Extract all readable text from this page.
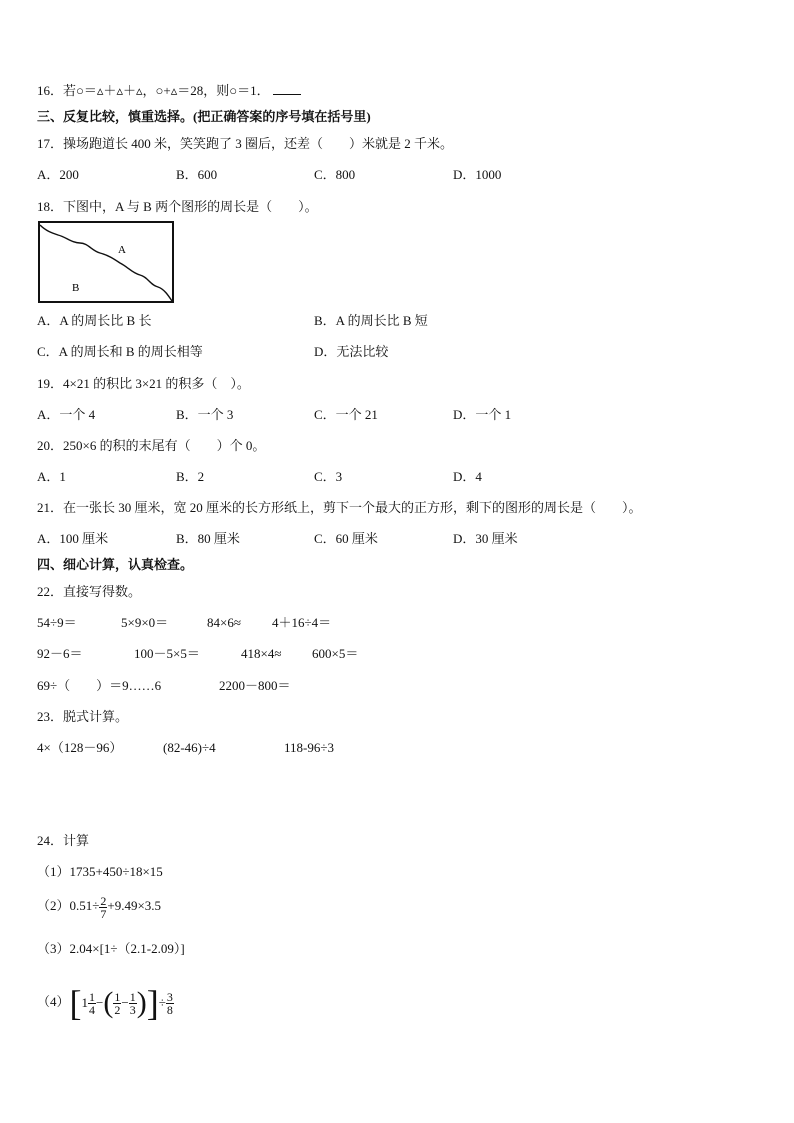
16．若○＝▵＋▵＋▵，○+▵＝28，则○＝1．
三、反复比较，慎重选择。(把正确答案的序号填在括号里)
17．操场跑道长 400 米，笑笑跑了 3 圈后，还差（　　）米就是 2 千米。
A．200	B．600	C．800	D．1000
18．下图中，A 与 B 两个图形的周长是（　　）。
A
B
A．A 的周长比 B 长	B．A 的周长比 B 短
C．A 的周长和 B 的周长相等	D．无法比较
19．4×21 的积比 3×21 的积多（　）。
A．一个 4	B．一个 3	C．一个 21	D．一个 1
20．250×6 的积的末尾有（　　）个 0。
A．1	B．2	C．3	D．4
21．在一张长 30 厘米，宽 20 厘米的长方形纸上，剪下一个最大的正方形，剩下的图形的周长是（　　）。
A．100 厘米	B．80 厘米	C．60 厘米	D．30 厘米
四、细心计算，认真检查。
22．直接写得数。
54÷9＝	5×9×0＝	84×6≈ 4＋16÷4＝
92－6＝	100－5×5＝	418×4≈ 600×5＝
69÷（　　）＝9……6	2200－800＝
23．脱式计算。
4×（128－96）	(82-46)÷4	118-96÷3
24．计算
（1）1735+450÷18×15
$(2)0.51\div \frac{2}{7} +9.49\times 3.5$
（3）2.04×[1÷（2.1-2.09）]
$(4)[1 \frac{1}{4}$ −( $\frac{1}{2} - \frac{1}{3}$ )]÷ $\frac{3}{8}$
